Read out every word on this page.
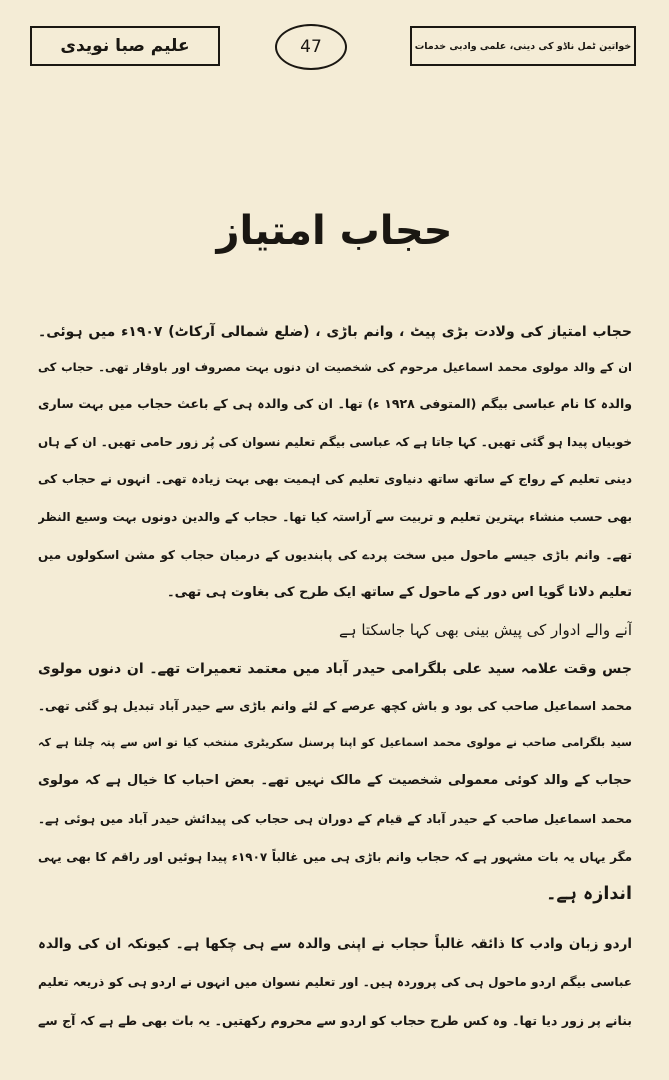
علیم صبا نویدی	47	خواتین ٹمل ناڈو کی دینی، علمی وادبی خدمات
حجاب امتیاز
حجاب امتیاز کی ولادت بڑی پیٹ ، وانم باڑی ، (ضلع شمالی آرکاٹ) ۱۹۰۷ء میں ہوئی۔
ان کے والد مولوی محمد اسماعیل مرحوم کی شخصیت ان دنوں بہت مصروف اور باوقار تھی۔ حجاب کی
والدہ کا نام عباسی بیگم (المتوفی ۱۹۲۸ ء) تھا۔ ان کی والدہ ہی کے باعث حجاب میں بہت ساری
خوبیاں پیدا ہو گئی تھیں۔ کہا جاتا ہے کہ عباسی بیگم تعلیم نسوان کی پُر زور حامی تھیں۔ ان کے ہاں
دینی تعلیم کے رواج کے ساتھ ساتھ دنیاوی تعلیم کی اہمیت بھی بہت زیادہ تھی۔ انہوں نے حجاب کی
بھی حسب منشاء بہترین تعلیم و تربیت سے آراستہ کیا تھا۔ حجاب کے والدین دونوں بہت وسیع النظر
تھے۔ وانم باڑی جیسے ماحول میں سخت پردے کی پابندیوں کے درمیان حجاب کو مشن اسکولوں میں
تعلیم دلانا گویا اس دور کے ماحول کے ساتھ ایک طرح کی بغاوت ہی تھی۔
آنے والے ادوار کی پیش بینی بھی کہا جاسکتا ہے
جس وقت علامہ سید علی بلگرامی حیدر آباد میں معتمد تعمیرات تھے۔ ان دنوں مولوی
محمد اسماعیل صاحب کی بود و باش کچھ عرصے کے لئے وانم باڑی سے حیدر آباد تبدیل ہو گئی تھی۔
سید بلگرامی صاحب نے مولوی محمد اسماعیل کو اپنا پرسنل سکریٹری منتخب کیا تو اس سے پتہ چلتا ہے کہ
حجاب کے والد کوئی معمولی شخصیت کے مالک نہیں تھے۔ بعض احباب کا خیال ہے کہ مولوی
محمد اسماعیل صاحب کے حیدر آباد کے قیام کے دوران ہی حجاب کی پیدائش حیدر آباد میں ہوئی ہے۔
مگر یہاں یہ بات مشہور ہے کہ حجاب وانم باڑی ہی میں غالباً ۱۹۰۷ء پیدا ہوئیں اور راقم کا بھی یہی
اندازہ ہے۔
اردو زبان وادب کا ذائقہ غالباً حجاب نے اپنی والدہ سے ہی چکھا ہے۔ کیونکہ ان کی والدہ
عباسی بیگم اردو ماحول ہی کی پروردہ ہیں۔ اور تعلیم نسوان میں انہوں نے اردو ہی کو ذریعہ تعلیم
بنانے پر زور دیا تھا۔ وہ کس طرح حجاب کو اردو سے محروم رکھتیں۔ یہ بات بھی طے ہے کہ آج سے
